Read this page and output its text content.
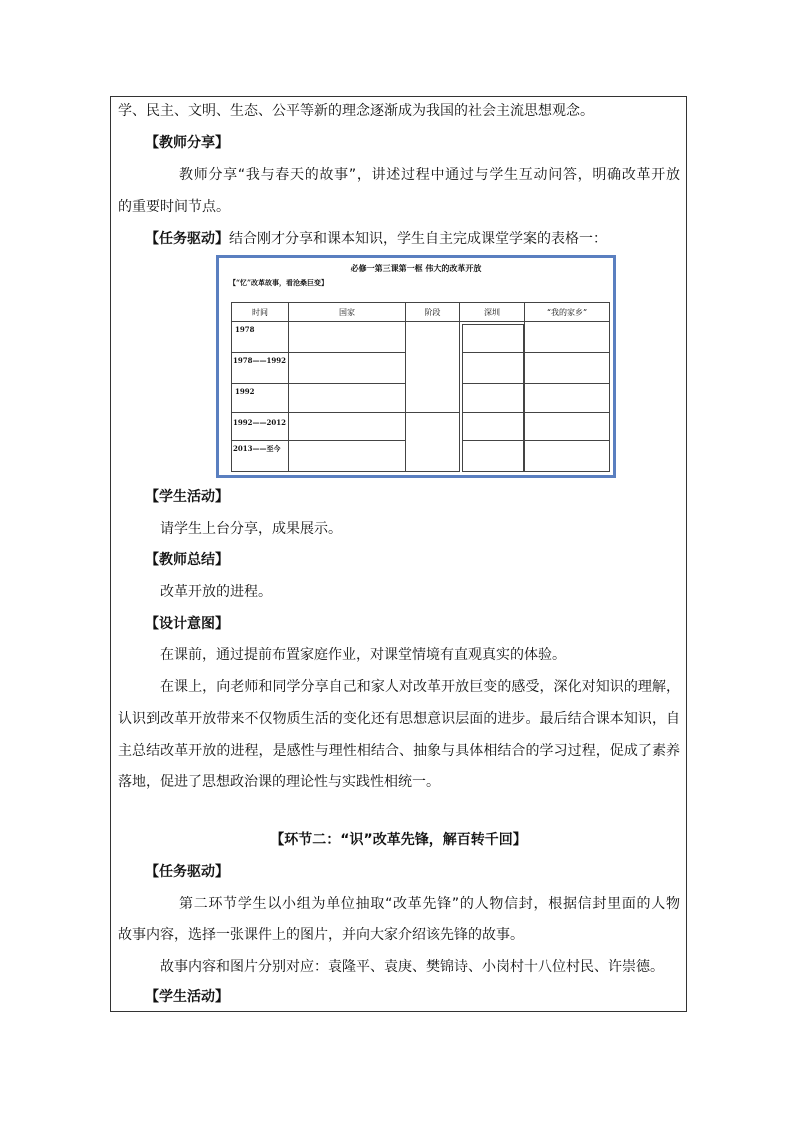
学、民主、文明、生态、公平等新的理念逐渐成为我国的社会主流思想观念。
【教师分享】
教师分享“我与春天的故事”，讲述过程中通过与学生互动问答，明确改革开放
的重要时间节点。
【任务驱动】结合刚才分享和课本知识，学生自主完成课堂学案的表格一：
必修一第三课第一框 伟大的改革开放
【“忆”改革故事，看沧桑巨变】
时间	国家	阶段	深圳	“我的家乡”
1978
1978——1992
1992
1992——2012
2013——至今
【学生活动】
请学生上台分享，成果展示。
【教师总结】
改革开放的进程。
【设计意图】
在课前，通过提前布置家庭作业，对课堂情境有直观真实的体验。
在课上，向老师和同学分享自己和家人对改革开放巨变的感受，深化对知识的理解，
认识到改革开放带来不仅物质生活的变化还有思想意识层面的进步。最后结合课本知识，自
主总结改革开放的进程，是感性与理性相结合、抽象与具体相结合的学习过程，促成了素养
落地，促进了思想政治课的理论性与实践性相统一。
【环节二：“识”改革先锋，解百转千回】
【任务驱动】
第二环节学生以小组为单位抽取“改革先锋”的人物信封，根据信封里面的人物
故事内容，选择一张课件上的图片，并向大家介绍该先锋的故事。
故事内容和图片分别对应：袁隆平、袁庚、樊锦诗、小岗村十八位村民、许崇德。
【学生活动】
